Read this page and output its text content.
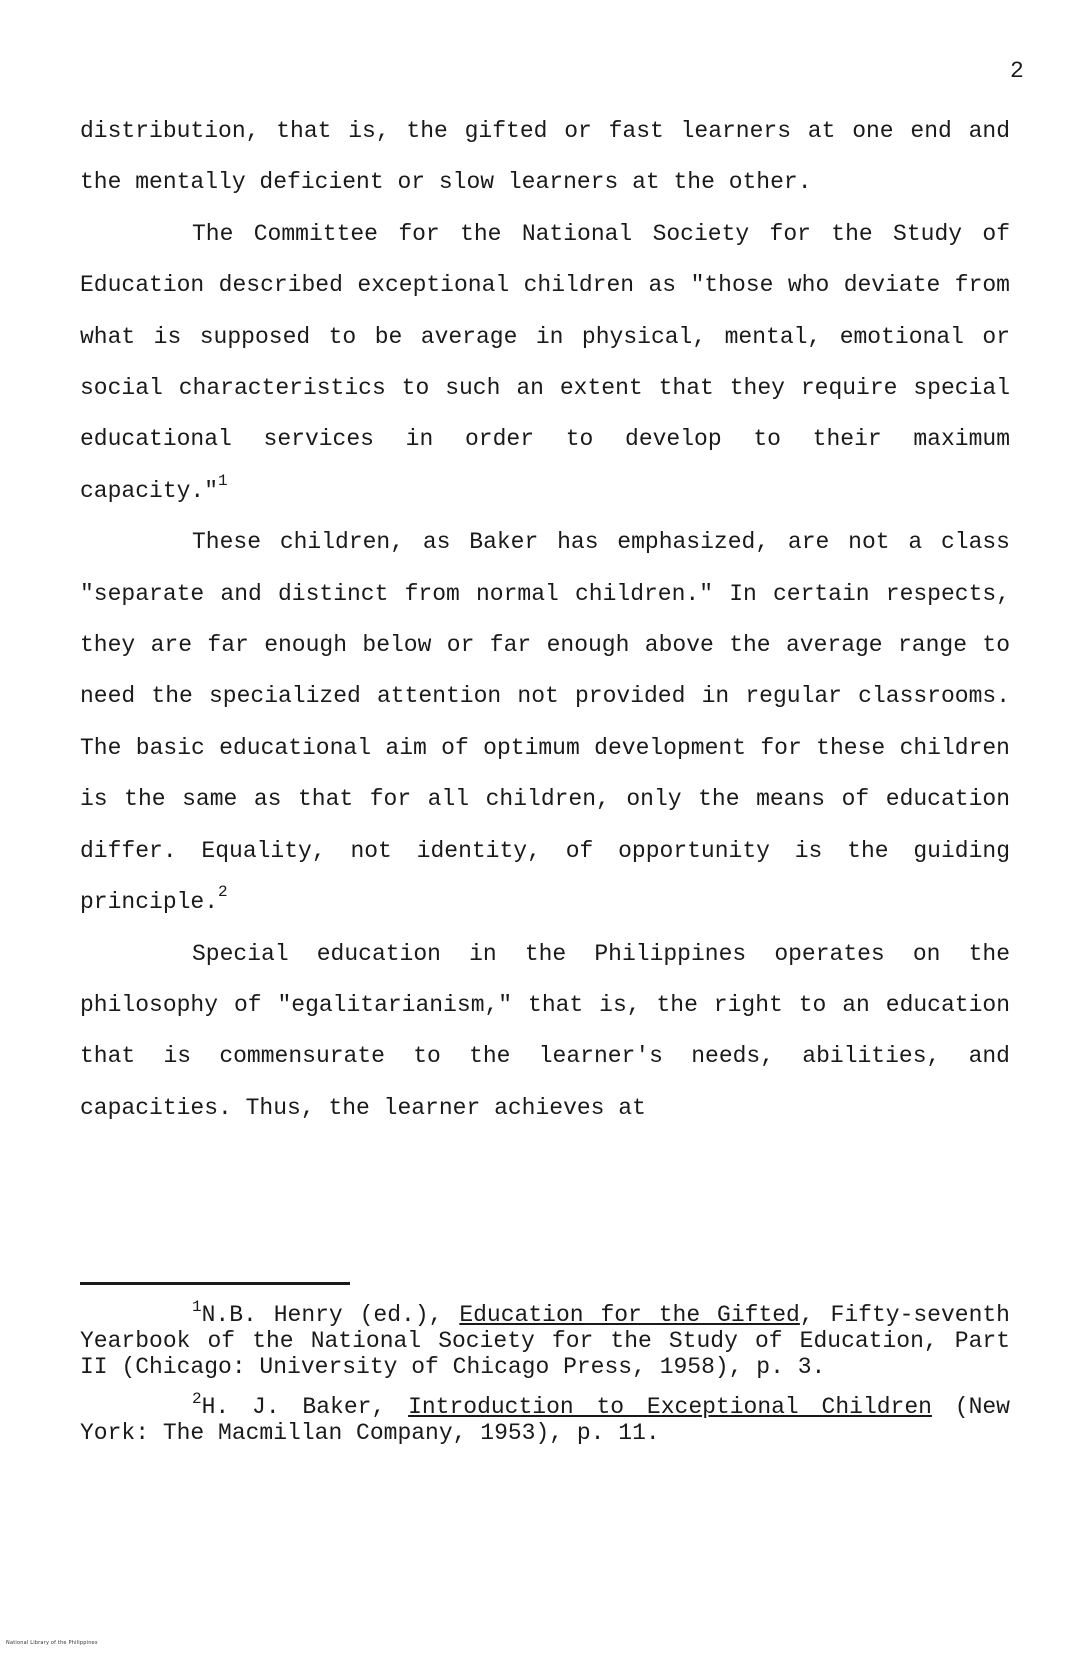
2

distribution, that is, the gifted or fast learners at one end and the mentally deficient or slow learners at the other.

The Committee for the National Society for the Study of Education described exceptional children as "those who deviate from what is supposed to be average in physical, mental, emotional or social characteristics to such an extent that they require special educational services in order to develop to their maximum capacity."$^1$

These children, as Baker has emphasized, are not a class "separate and distinct from normal children." In certain respects, they are far enough below or far enough above the average range to need the specialized attention not provided in regular classrooms. The basic educational aim of optimum development for these children is the same as that for all children, only the means of education differ. Equality, not identity, of opportunity is the guiding principle.$^2$

Special education in the Philippines operates on the philosophy of "egalitarianism," that is, the right to an education that is commensurate to the learner's needs, abilities, and capacities. Thus, the learner achieves at

$^1$N.B. Henry (ed.), Education for the Gifted, Fifty-seventh Yearbook of the National Society for the Study of Education, Part II (Chicago: University of Chicago Press, 1958), p. 3.

$^2$H. J. Baker, Introduction to Exceptional Children (New York: The Macmillan Company, 1953), p. 11.

National Library of the Philippines
